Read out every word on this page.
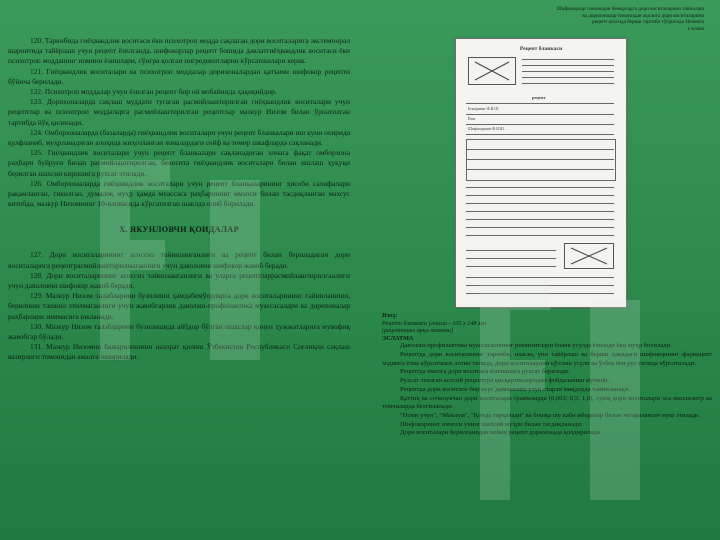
120. Таркибида гиёҳвандлик воситаси ёки психотроп модда сақлаган дори воситаларига экстемпорал шароитида тайёрлаш учун рецепт ёзилганда, шифокорлар рецепт бошида давлатгиёҳвандлик воситаси ёки психотроп модданинг номини ёзишлари, сўнгра қолган ингредиентларни кўрсатишлари керак.

121. Гиёҳвандлик воситалари ва психотроп моддалар дорихоналардан қатъиян шифокор рецепти бўйича берилади.

122. Психотроп моддалар учун ёзилган рецепт бир ой мобайнида ҳақиқийдир.

123. Дорихоналарда сақлаш муддати тугаган расмийлаштирилган гиёҳвандлик воситалари учун рецептлар ва психотроп моддаларга расмийлаштирилган рецептлар мазкур Низом билан ўрнатилган тартибда йўқ қилинади.

124. Омборхоналарда (базаларда) гиёҳвандлик воситалари учун рецепт бланкалари иш куни охирида қулфланиб, муҳрланадиган алоҳида жиҳозланган хоналардаги сейф ва темир шкафларда сақланади.

125. Гиёҳвандлик воситалари учун рецепт бланкалари сақланадиган хонага фақат омборхона раҳбари буйруғи билан расмийлаштирилган, бевосита гиёҳвандлик воситалари билан ишлаш ҳуқуқи берилган шахсни киришига рухсат этилади.

126. Омборхоналарда гиёҳвандлик воситалари учун рецепт бланкаларининг ҳисоби сахифалари рақамланган, тикилган, думалоқ муҳр ҳамда муассаса раҳбарининг имзоси билан тасдиқланган махсус китобда, мазкур Низомнинг 10-иловасида кўрсатилган шаклда олиб борилади.

X. ЯКУНЛОВЧИ ҚОИДАЛАР

127. Дори воситаларининг асоссиз тайинланганлиги ва рецепт билан бериладиган дори воситаларига рецептрасмийлаштирилмаганлиги учун даволовчи шифокор жавоб беради.

128. Дори воситаларининг асоссиз тайинланганлиги ва уларга рецептларрасмийлаштирилганлиги учун даволовчи шифокор жавоб беради.

129. Мазкур Низом талабларини бузилиши ҳамдабемўорларга дори воситаларининг тайинланиши, берилиши ташкил этилмаганлиги учун жавобгарлик даволаш-профилактика муассасалари ва дорихоналар раҳбарлари зиммасига юкланади.

130. Мазкур Низом талабларини бузилишида айбдор бўлган шахслар қонун ҳужжатларига мувофиқ жавобгар бўлади.

131. Мазкур Низомни бажарилишини назорат қилиш Ўзбекистон Республикаси Соғлиқни сақлаш вазирлиги томонидан амалга оширилади.

Шифокорлар томонидан беморларга дори воситаларини тайинлаш
ва дорихоналар томонидан аҳолига дори воситаларини
рецепт асосида бериш тартиби тўғрисида Низомга
1-илова
Рецепт бланкаси
рецепт
Беморнинг Ф.И.Ш.
Ёши
Шифокорнинг Ф.И.Ш.
Изоҳ:
Рецепт бланкаси ўлчами - 105 x 148 мм
(рецептнинг орқа томони)
ЭСЛАТМА

Даволаш-профилактика муассасасининг реквизитлари бланк усулда ёзилади ёки муҳр босилади.

Рецептда дори воситасининг таркиби, шакли, уни тайёрлаш ва бериш ҳақидаги шифокорнинг фармацевт ходимга ёзма кўрсатмаси лотин тилида, дори воситаларини қўллаш усули ва ўзбек ёки рус тилида кўрсатилади.

Рецептда имзога дори воситаси ёзилишига рухсат берилади.

Рухсат этилган асосий рецептура қисқартмаларидан фойдаланиш мумкин.

Рецептда дори воситаси бир курс даволаниш учун етарли миқдорда тайинланади.

Қаттиқ ва сочилувчан дори воситалари граммларда (0,001; 0,5; 1,0), суюқ дори воситалари эса миллилитр ва томчиларда белгиланади.

"Номи учун", "Маълум", "Қонда тарқалади" ва бошқа шу каби иборалар билан чегараланган муш этилади.

Шифокорнинг имзоси унинг шахсий муҳри билан тасдиқланади.

Дори воситалари берилганидан кейин рецепт дорихонада қолдирилади.
